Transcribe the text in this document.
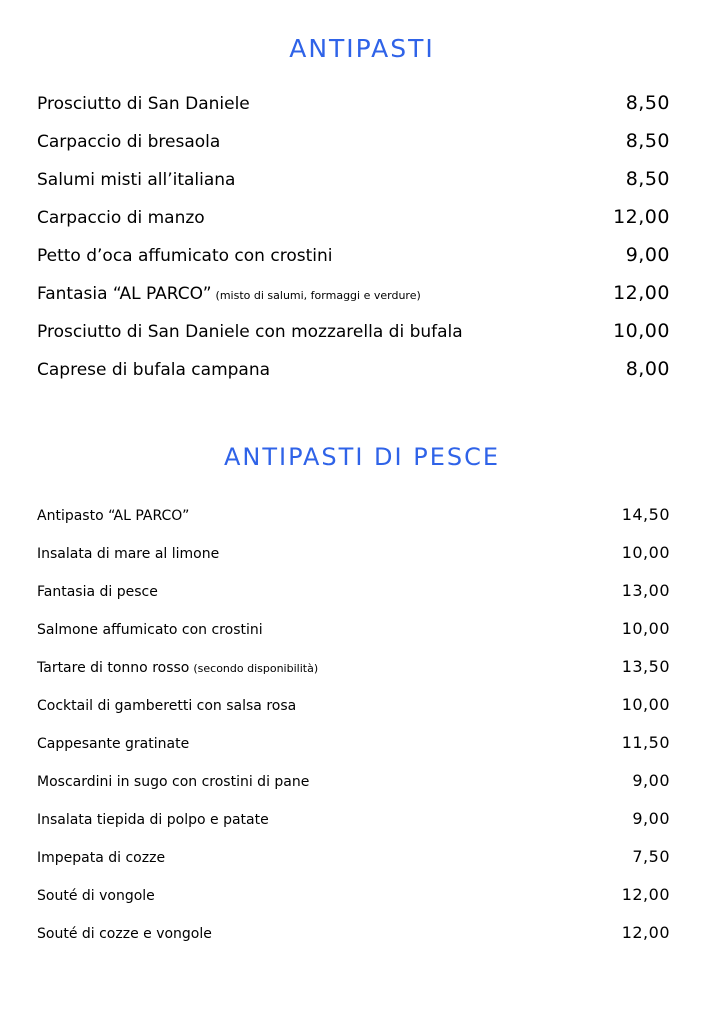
ANTIPASTI
Prosciutto di San Daniele	8,50
Carpaccio di bresaola	8,50
Salumi misti all’italiana	8,50
Carpaccio di manzo	12,00
Petto d’oca affumicato con crostini	9,00
Fantasia “AL PARCO” (misto di salumi, formaggi e verdure)	12,00
Prosciutto di San Daniele con mozzarella di bufala	10,00
Caprese di bufala campana	8,00
ANTIPASTI DI PESCE
Antipasto “AL PARCO”	14,50
Insalata di mare al limone	10,00
Fantasia di pesce	13,00
Salmone affumicato con crostini	10,00
Tartare di tonno rosso (secondo disponibilità)	13,50
Cocktail di gamberetti con salsa rosa	10,00
Cappesante gratinate	11,50
Moscardini in sugo con crostini di pane	9,00
Insalata tiepida di polpo e patate	9,00
Impepata di cozze	7,50
Souté di vongole	12,00
Souté di cozze e vongole	12,00
